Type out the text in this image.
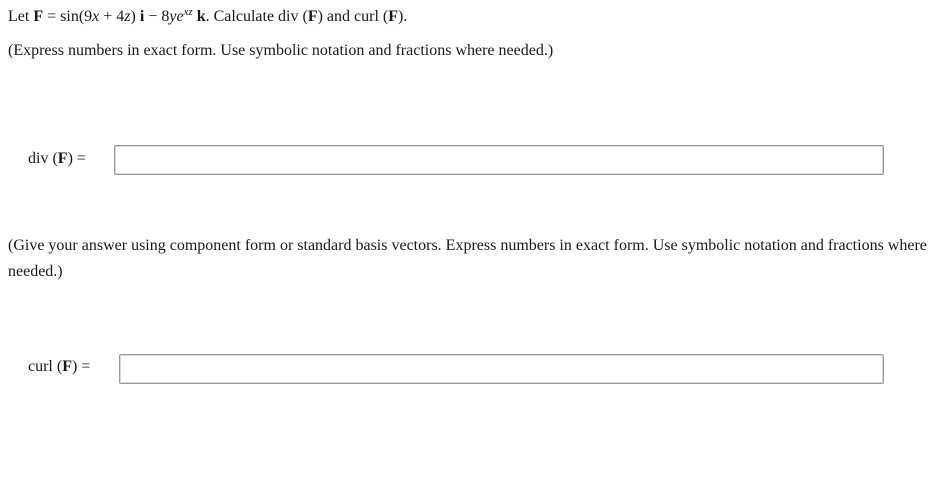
Let F = sin(9x + 4z) $i - 8ye^{xz}$ k. Calculate div (F) and curl (F).
(Express numbers in exact form. Use symbolic notation and fractions where needed.)
div (F) =
(Give your answer using component form or standard basis vectors. Express numbers in exact form. Use symbolic notation and fractions where needed.)
curl (F) =
